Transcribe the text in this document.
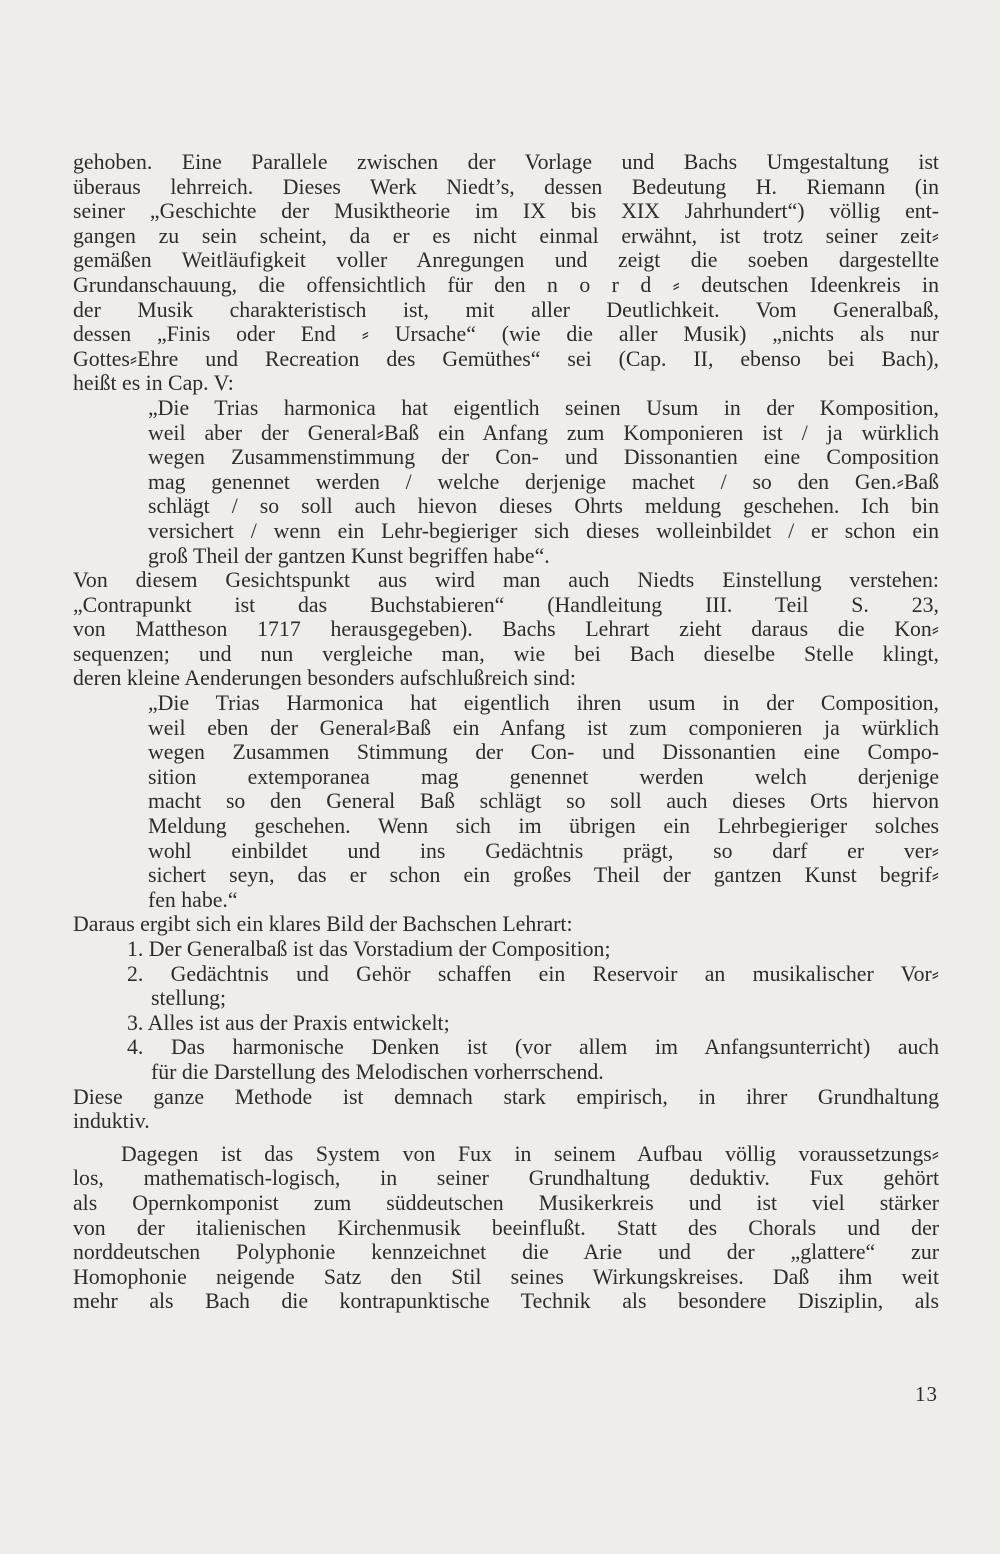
gehoben. Eine Parallele zwischen der Vorlage und Bachs Umgestaltung ist
überaus lehrreich. Dieses Werk Niedt’s, dessen Bedeutung H. Riemann (in
seiner „Geschichte der Musiktheorie im IX bis XIX Jahrhundert“) völlig ent-
gangen zu sein scheint, da er es nicht einmal erwähnt, ist trotz seiner zeit⸗
gemäßen Weitläufigkeit voller Anregungen und zeigt die soeben dargestellte
Grundanschauung, die offensichtlich für den n o r d ⸗ deutschen Ideenkreis in
der Musik charakteristisch ist, mit aller Deutlichkeit. Vom Generalbaß,
dessen „Finis oder End ⸗ Ursache“ (wie die aller Musik) „nichts als nur
Gottes⸗Ehre und Recreation des Gemüthes“ sei (Cap. II, ebenso bei Bach),
heißt es in Cap. V:
„Die Trias harmonica hat eigentlich seinen Usum in der Komposition,
weil aber der General⸗Baß ein Anfang zum Komponieren ist / ja würklich
wegen Zusammenstimmung der Con- und Dissonantien eine Composition
mag genennet werden / welche derjenige machet / so den Gen.⸗Baß
schlägt / so soll auch hievon dieses Ohrts meldung geschehen. Ich bin
versichert / wenn ein Lehr-begieriger sich dieses wolleinbildet / er schon ein
groß Theil der gantzen Kunst begriffen habe“.
Von diesem Gesichtspunkt aus wird man auch Niedts Einstellung verstehen:
„Contrapunkt ist das Buchstabieren“ (Handleitung III. Teil S. 23,
von Mattheson 1717 herausgegeben). Bachs Lehrart zieht daraus die Kon⸗
sequenzen; und nun vergleiche man, wie bei Bach dieselbe Stelle klingt,
deren kleine Aenderungen besonders aufschlußreich sind:
„Die Trias Harmonica hat eigentlich ihren usum in der Composition,
weil eben der General⸗Baß ein Anfang ist zum componieren ja würklich
wegen Zusammen Stimmung der Con- und Dissonantien eine Compo-
sition extemporanea mag genennet werden welch derjenige
macht so den General Baß schlägt so soll auch dieses Orts hiervon
Meldung geschehen. Wenn sich im übrigen ein Lehrbegieriger solches
wohl einbildet und ins Gedächtnis prägt, so darf er ver⸗
sichert seyn, das er schon ein großes Theil der gantzen Kunst begrif⸗
fen habe.“
Daraus ergibt sich ein klares Bild der Bachschen Lehrart:
1. Der Generalbaß ist das Vorstadium der Composition;
2. Gedächtnis und Gehör schaffen ein Reservoir an musikalischer Vor⸗
stellung;
3. Alles ist aus der Praxis entwickelt;
4. Das harmonische Denken ist (vor allem im Anfangsunterricht) auch
für die Darstellung des Melodischen vorherrschend.
Diese ganze Methode ist demnach stark empirisch, in ihrer Grundhaltung
induktiv.
Dagegen ist das System von Fux in seinem Aufbau völlig voraussetzungs⸗
los, mathematisch-logisch, in seiner Grundhaltung deduktiv. Fux gehört
als Opernkomponist zum süddeutschen Musikerkreis und ist viel stärker
von der italienischen Kirchenmusik beeinflußt. Statt des Chorals und der
norddeutschen Polyphonie kennzeichnet die Arie und der „glattere“ zur
Homophonie neigende Satz den Stil seines Wirkungskreises. Daß ihm weit
mehr als Bach die kontrapunktische Technik als besondere Disziplin, als
13
